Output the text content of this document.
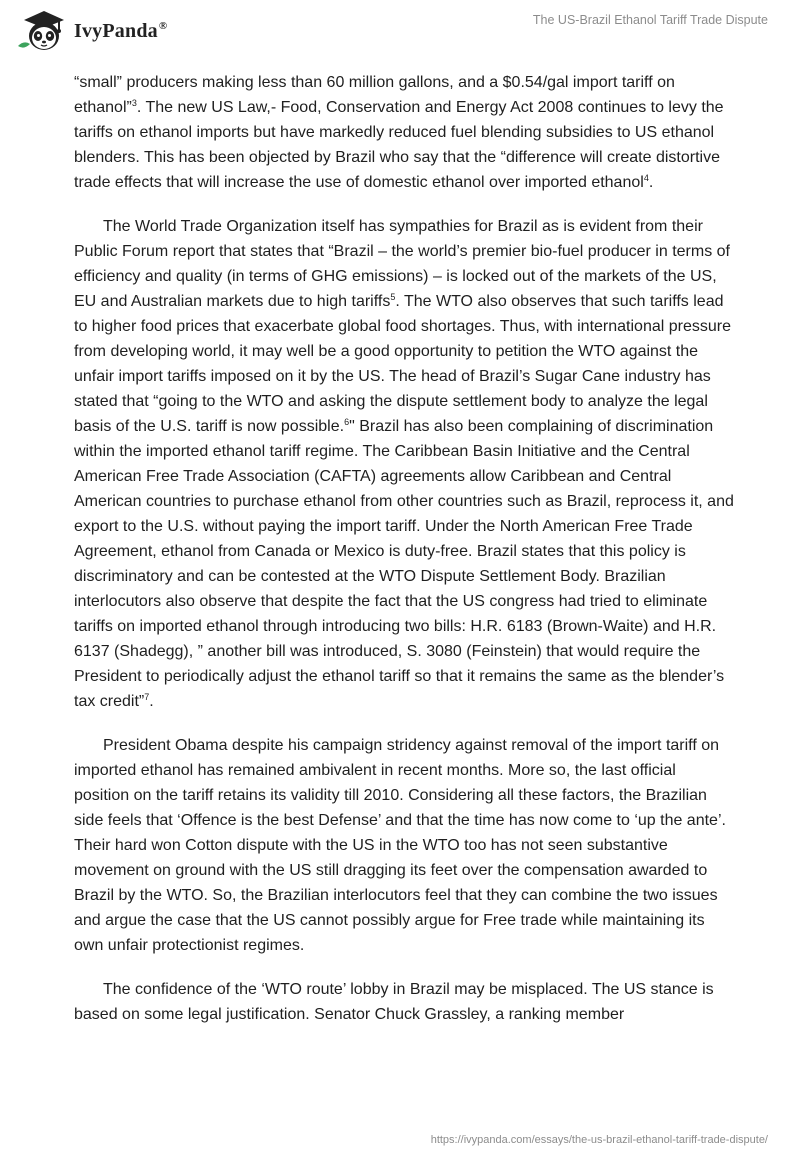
IvyPanda®	The US-Brazil Ethanol Tariff Trade Dispute

“small” producers making less than 60 million gallons, and a $0.54/gal import tariff on ethanol”$^3$. The new US Law,- Food, Conservation and Energy Act 2008 continues to levy the tariffs on ethanol imports but have markedly reduced fuel blending subsidies to US ethanol blenders. This has been objected by Brazil who say that the “difference will create distortive trade effects that will increase the use of domestic ethanol over imported ethanol$^4$.

The World Trade Organization itself has sympathies for Brazil as is evident from their Public Forum report that states that “Brazil – the world’s premier bio-fuel producer in terms of efficiency and quality (in terms of GHG emissions) – is locked out of the markets of the US, EU and Australian markets due to high tariffs$^5$. The WTO also observes that such tariffs lead to higher food prices that exacerbate global food shortages. Thus, with international pressure from developing world, it may well be a good opportunity to petition the WTO against the unfair import tariffs imposed on it by the US. The head of Brazil’s Sugar Cane industry has stated that “going to the WTO and asking the dispute settlement body to analyze the legal basis of the U.S. tariff is now possible.$^6$" Brazil has also been complaining of discrimination within the imported ethanol tariff regime. The Caribbean Basin Initiative and the Central American Free Trade Association (CAFTA) agreements allow Caribbean and Central American countries to purchase ethanol from other countries such as Brazil, reprocess it, and export to the U.S. without paying the import tariff. Under the North American Free Trade Agreement, ethanol from Canada or Mexico is duty-free. Brazil states that this policy is discriminatory and can be contested at the WTO Dispute Settlement Body. Brazilian interlocutors also observe that despite the fact that the US congress had tried to eliminate tariffs on imported ethanol through introducing two bills: H.R. 6183 (Brown-Waite) and H.R. 6137 (Shadegg), ” another bill was introduced, S. 3080 (Feinstein) that would require the President to periodically adjust the ethanol tariff so that it remains the same as the blender’s tax credit”$^7$.

President Obama despite his campaign stridency against removal of the import tariff on imported ethanol has remained ambivalent in recent months. More so, the last official position on the tariff retains its validity till 2010. Considering all these factors, the Brazilian side feels that ‘Offence is the best Defense’ and that the time has now come to ‘up the ante’. Their hard won Cotton dispute with the US in the WTO too has not seen substantive movement on ground with the US still dragging its feet over the compensation awarded to Brazil by the WTO. So, the Brazilian interlocutors feel that they can combine the two issues and argue the case that the US cannot possibly argue for Free trade while maintaining its own unfair protectionist regimes.

The confidence of the ‘WTO route’ lobby in Brazil may be misplaced. The US stance is based on some legal justification. Senator Chuck Grassley, a ranking member

https://ivypanda.com/essays/the-us-brazil-ethanol-tariff-trade-dispute/
